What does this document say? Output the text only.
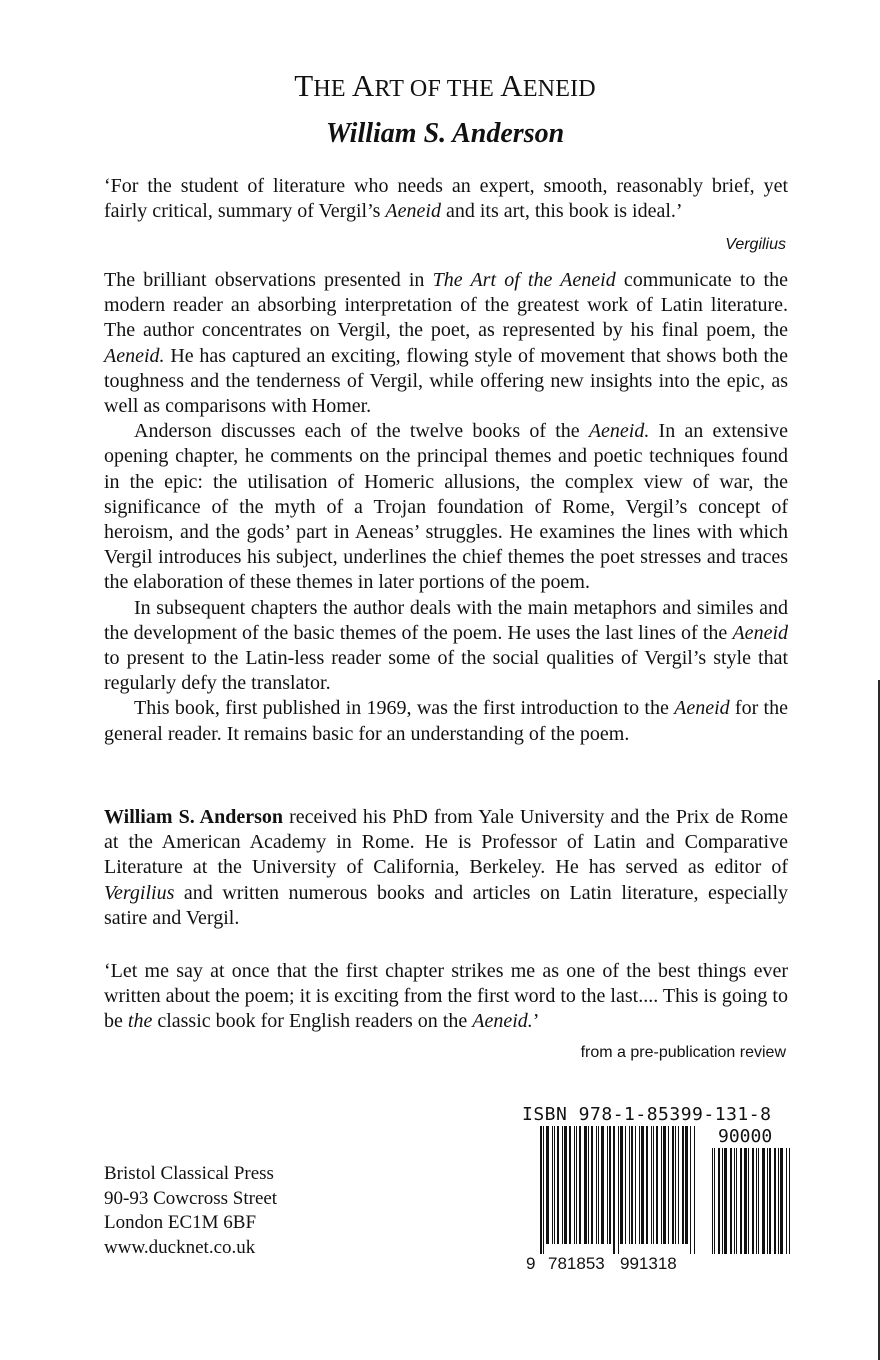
THE ART OF THE AENEID
William S. Anderson

‘For the student of literature who needs an expert, smooth, reasonably brief, yet fairly critical, summary of Vergil’s Aeneid and its art, this book is ideal.’

Vergilius

The brilliant observations presented in The Art of the Aeneid communicate to the modern reader an absorbing interpretation of the greatest work of Latin literature. The author concentrates on Vergil, the poet, as represented by his final poem, the Aeneid. He has captured an exciting, flowing style of movement that shows both the toughness and the tenderness of Vergil, while offering new insights into the epic, as well as comparisons with Homer.

Anderson discusses each of the twelve books of the Aeneid. In an extensive opening chapter, he comments on the principal themes and poetic techniques found in the epic: the utilisation of Homeric allusions, the complex view of war, the significance of the myth of a Trojan foundation of Rome, Vergil’s concept of heroism, and the gods’ part in Aeneas’ struggles. He examines the lines with which Vergil introduces his subject, underlines the chief themes the poet stresses and traces the elaboration of these themes in later portions of the poem.

In subsequent chapters the author deals with the main metaphors and similes and the development of the basic themes of the poem. He uses the last lines of the Aeneid to present to the Latin-less reader some of the social qualities of Vergil’s style that regularly defy the translator.

This book, first published in 1969, was the first introduction to the Aeneid for the general reader. It remains basic for an understanding of the poem.

William S. Anderson received his PhD from Yale University and the Prix de Rome at the American Academy in Rome. He is Professor of Latin and Comparative Literature at the University of California, Berkeley. He has served as editor of Vergilius and written numerous books and articles on Latin literature, especially satire and Vergil.

‘Let me say at once that the first chapter strikes me as one of the best things ever written about the poem; it is exciting from the first word to the last.... This is going to be the classic book for English readers on the Aeneid.’

from a pre-publication review
ISBN 978-1-85399-131-8
9 781853 991318
90000
Bristol Classical Press
90-93 Cowcross Street
London EC1M 6BF
www.ducknet.co.uk
